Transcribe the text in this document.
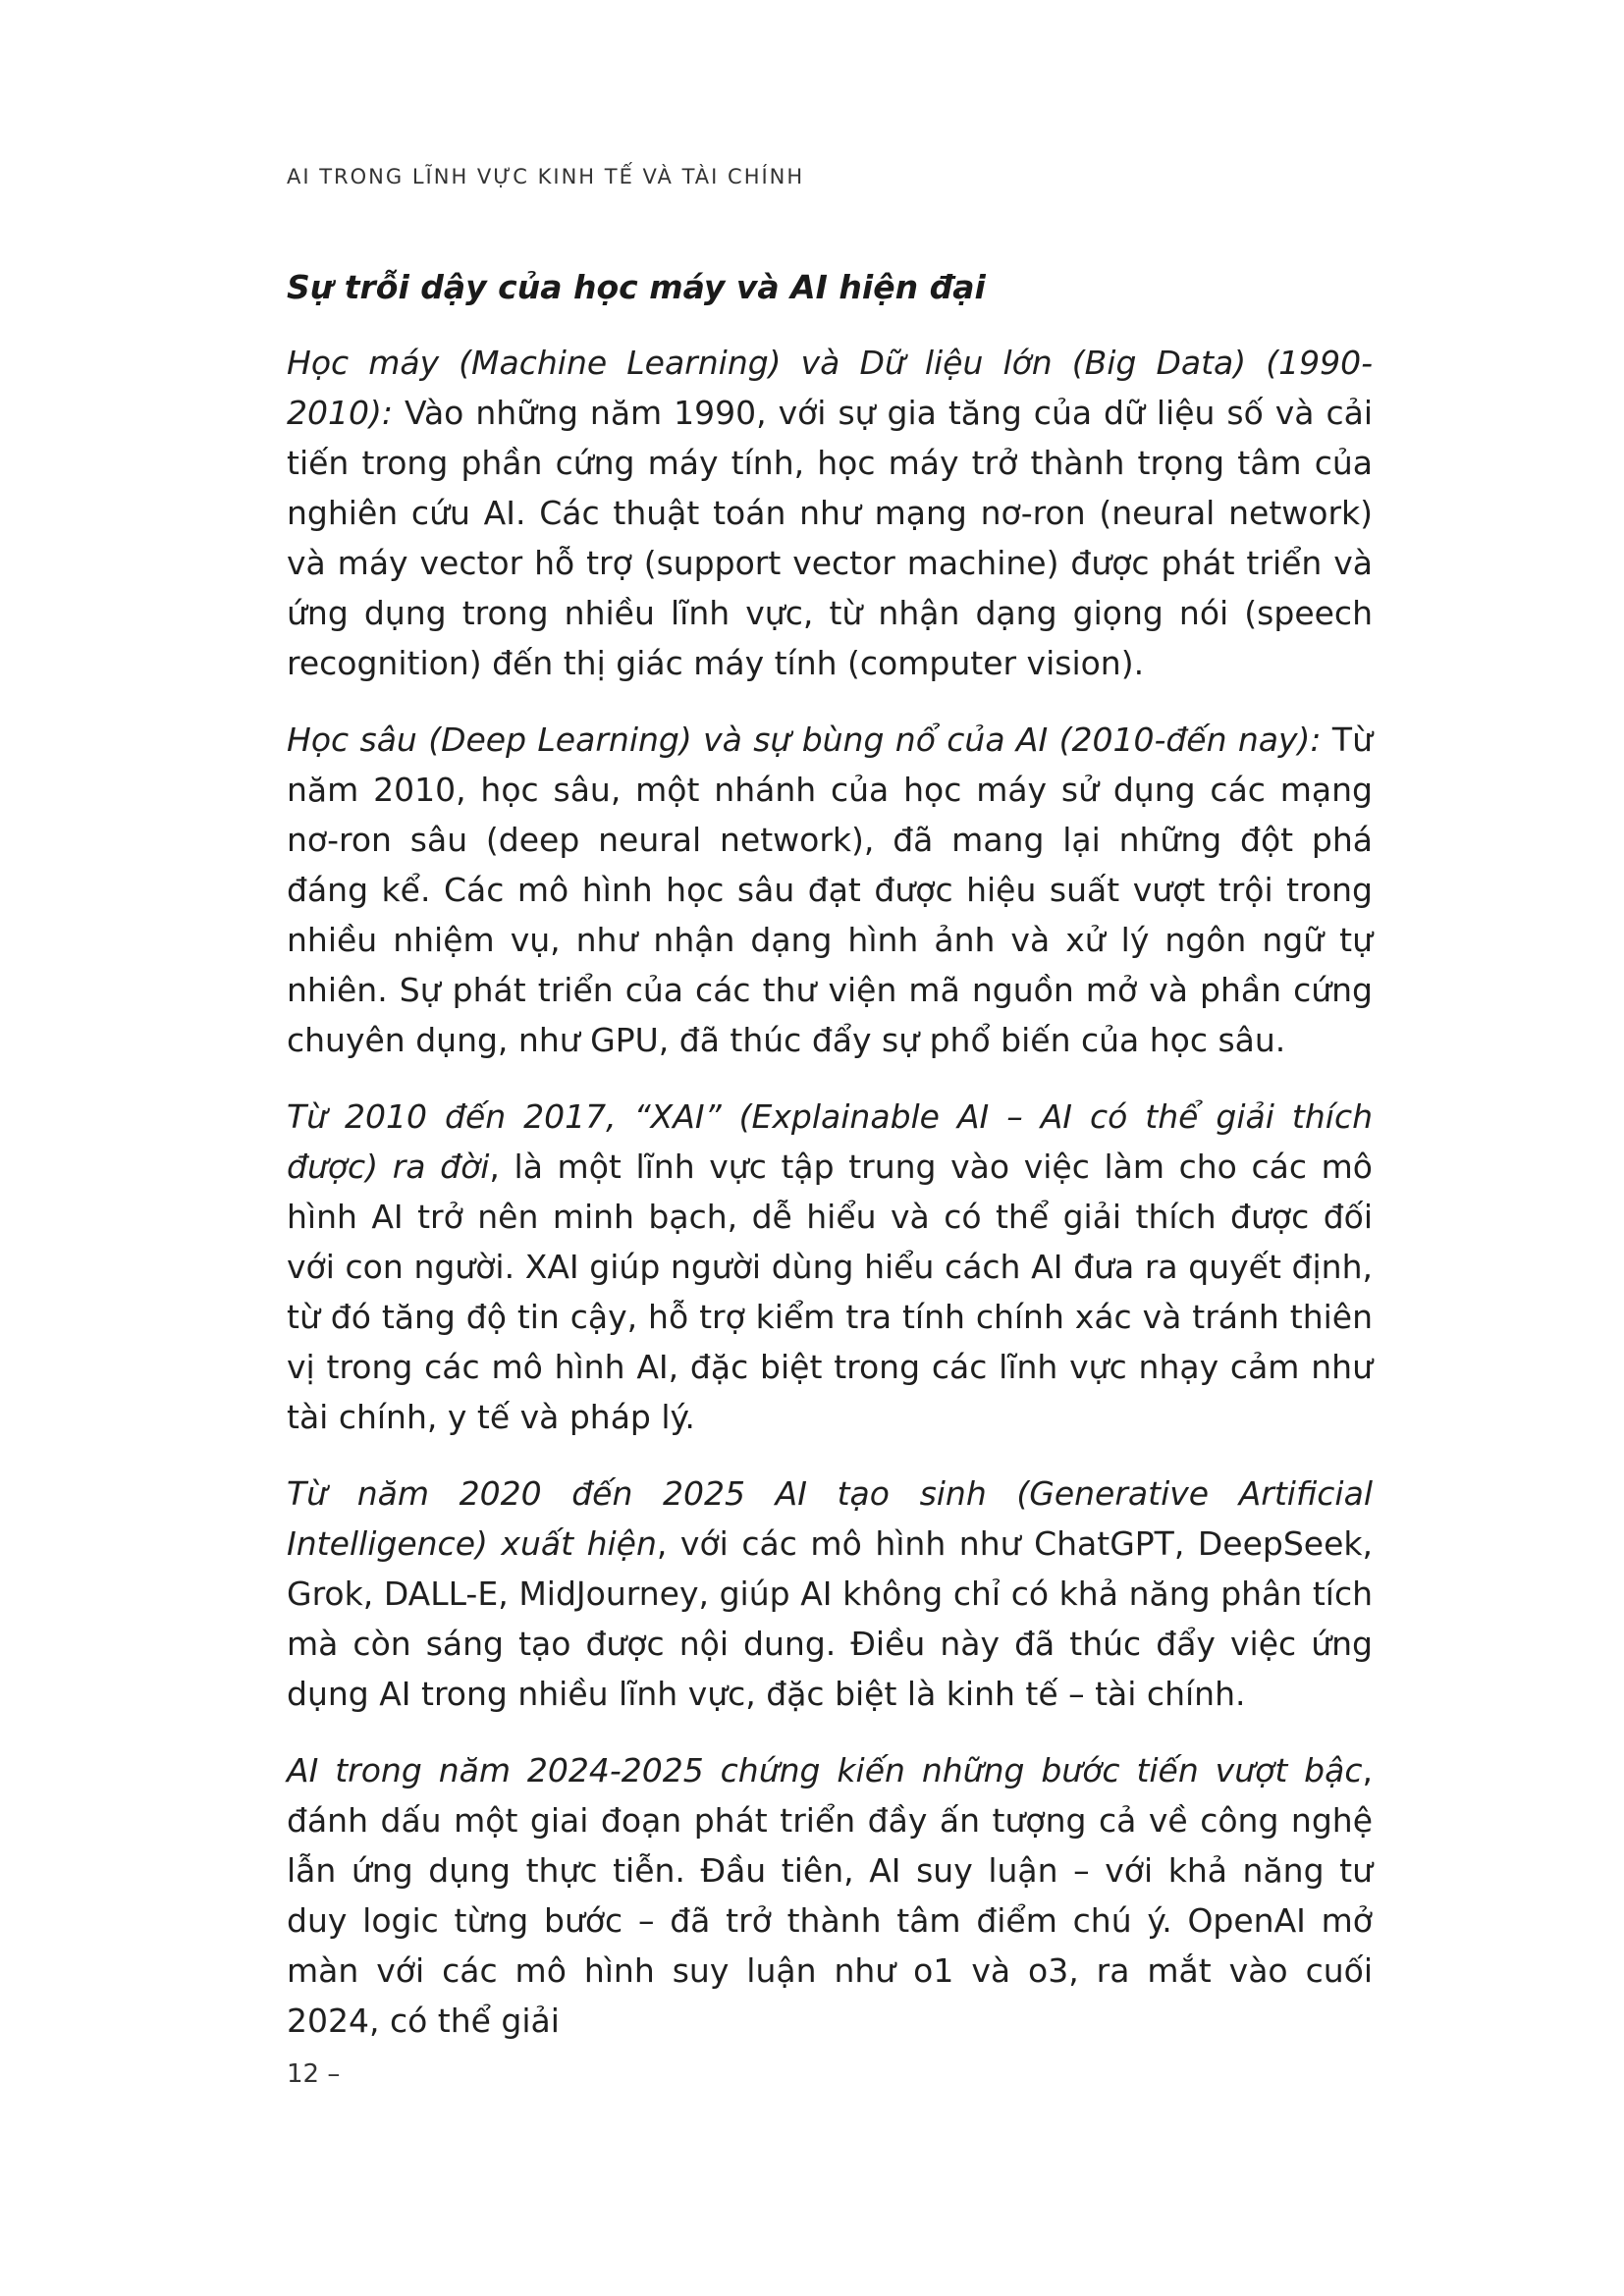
AI TRONG LĨNH VỰC KINH TẾ VÀ TÀI CHÍNH
Sự trỗi dậy của học máy và AI hiện đại

Học máy (Machine Learning) và Dữ liệu lớn (Big Data) (1990-2010): Vào những năm 1990, với sự gia tăng của dữ liệu số và cải tiến trong phần cứng máy tính, học máy trở thành trọng tâm của nghiên cứu AI. Các thuật toán như mạng nơ-ron (neural network) và máy vector hỗ trợ (support vector machine) được phát triển và ứng dụng trong nhiều lĩnh vực, từ nhận dạng giọng nói (speech recognition) đến thị giác máy tính (computer vision).

Học sâu (Deep Learning) và sự bùng nổ của AI (2010-đến nay): Từ năm 2010, học sâu, một nhánh của học máy sử dụng các mạng nơ-ron sâu (deep neural network), đã mang lại những đột phá đáng kể. Các mô hình học sâu đạt được hiệu suất vượt trội trong nhiều nhiệm vụ, như nhận dạng hình ảnh và xử lý ngôn ngữ tự nhiên. Sự phát triển của các thư viện mã nguồn mở và phần cứng chuyên dụng, như GPU, đã thúc đẩy sự phổ biến của học sâu.

Từ 2010 đến 2017, “XAI” (Explainable AI – AI có thể giải thích được) ra đời, là một lĩnh vực tập trung vào việc làm cho các mô hình AI trở nên minh bạch, dễ hiểu và có thể giải thích được đối với con người. XAI giúp người dùng hiểu cách AI đưa ra quyết định, từ đó tăng độ tin cậy, hỗ trợ kiểm tra tính chính xác và tránh thiên vị trong các mô hình AI, đặc biệt trong các lĩnh vực nhạy cảm như tài chính, y tế và pháp lý.

Từ năm 2020 đến 2025 AI tạo sinh (Generative Artificial Intelligence) xuất hiện, với các mô hình như ChatGPT, DeepSeek, Grok, DALL-E, MidJourney, giúp AI không chỉ có khả năng phân tích mà còn sáng tạo được nội dung. Điều này đã thúc đẩy việc ứng dụng AI trong nhiều lĩnh vực, đặc biệt là kinh tế – tài chính.

AI trong năm 2024-2025 chứng kiến những bước tiến vượt bậc, đánh dấu một giai đoạn phát triển đầy ấn tượng cả về công nghệ lẫn ứng dụng thực tiễn. Đầu tiên, AI suy luận – với khả năng tư duy logic từng bước – đã trở thành tâm điểm chú ý. OpenAI mở màn với các mô hình suy luận như o1 và o3, ra mắt vào cuối 2024, có thể giải

12 –
